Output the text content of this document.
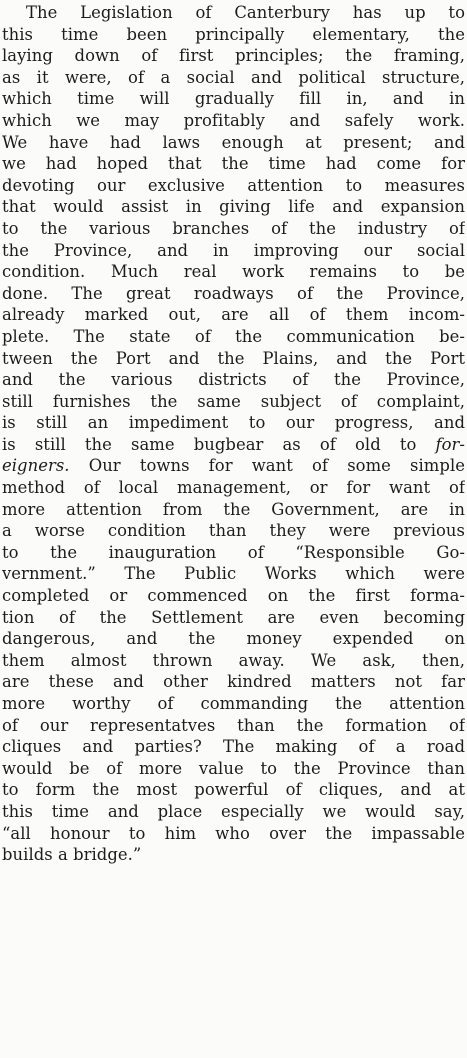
The Legislation of Canterbury has up to
this time been principally elementary, the
laying down of first principles; the framing,
as it were, of a social and political structure,
which time will gradually fill in, and in
which we may profitably and safely work.
We have had laws enough at present; and
we had hoped that the time had come for
devoting our exclusive attention to measures
that would assist in giving life and expansion
to the various branches of the industry of
the Province, and in improving our social
condition. Much real work remains to be
done. The great roadways of the Province,
already marked out, are all of them incom-
plete. The state of the communication be-
tween the Port and the Plains, and the Port
and the various districts of the Province,
still furnishes the same subject of complaint,
is still an impediment to our progress, and
is still the same bugbear as of old to for-
eigners. Our towns for want of some simple
method of local management, or for want of
more attention from the Government, are in
a worse condition than they were previous
to the inauguration of “Responsible Go-
vernment.” The Public Works which were
completed or commenced on the first forma-
tion of the Settlement are even becoming
dangerous, and the money expended on
them almost thrown away. We ask, then,
are these and other kindred matters not far
more worthy of commanding the attention
of our representatves than the formation of
cliques and parties? The making of a road
would be of more value to the Province than
to form the most powerful of cliques, and at
this time and place especially we would say,
“all honour to him who over the impassable
builds a bridge.”
